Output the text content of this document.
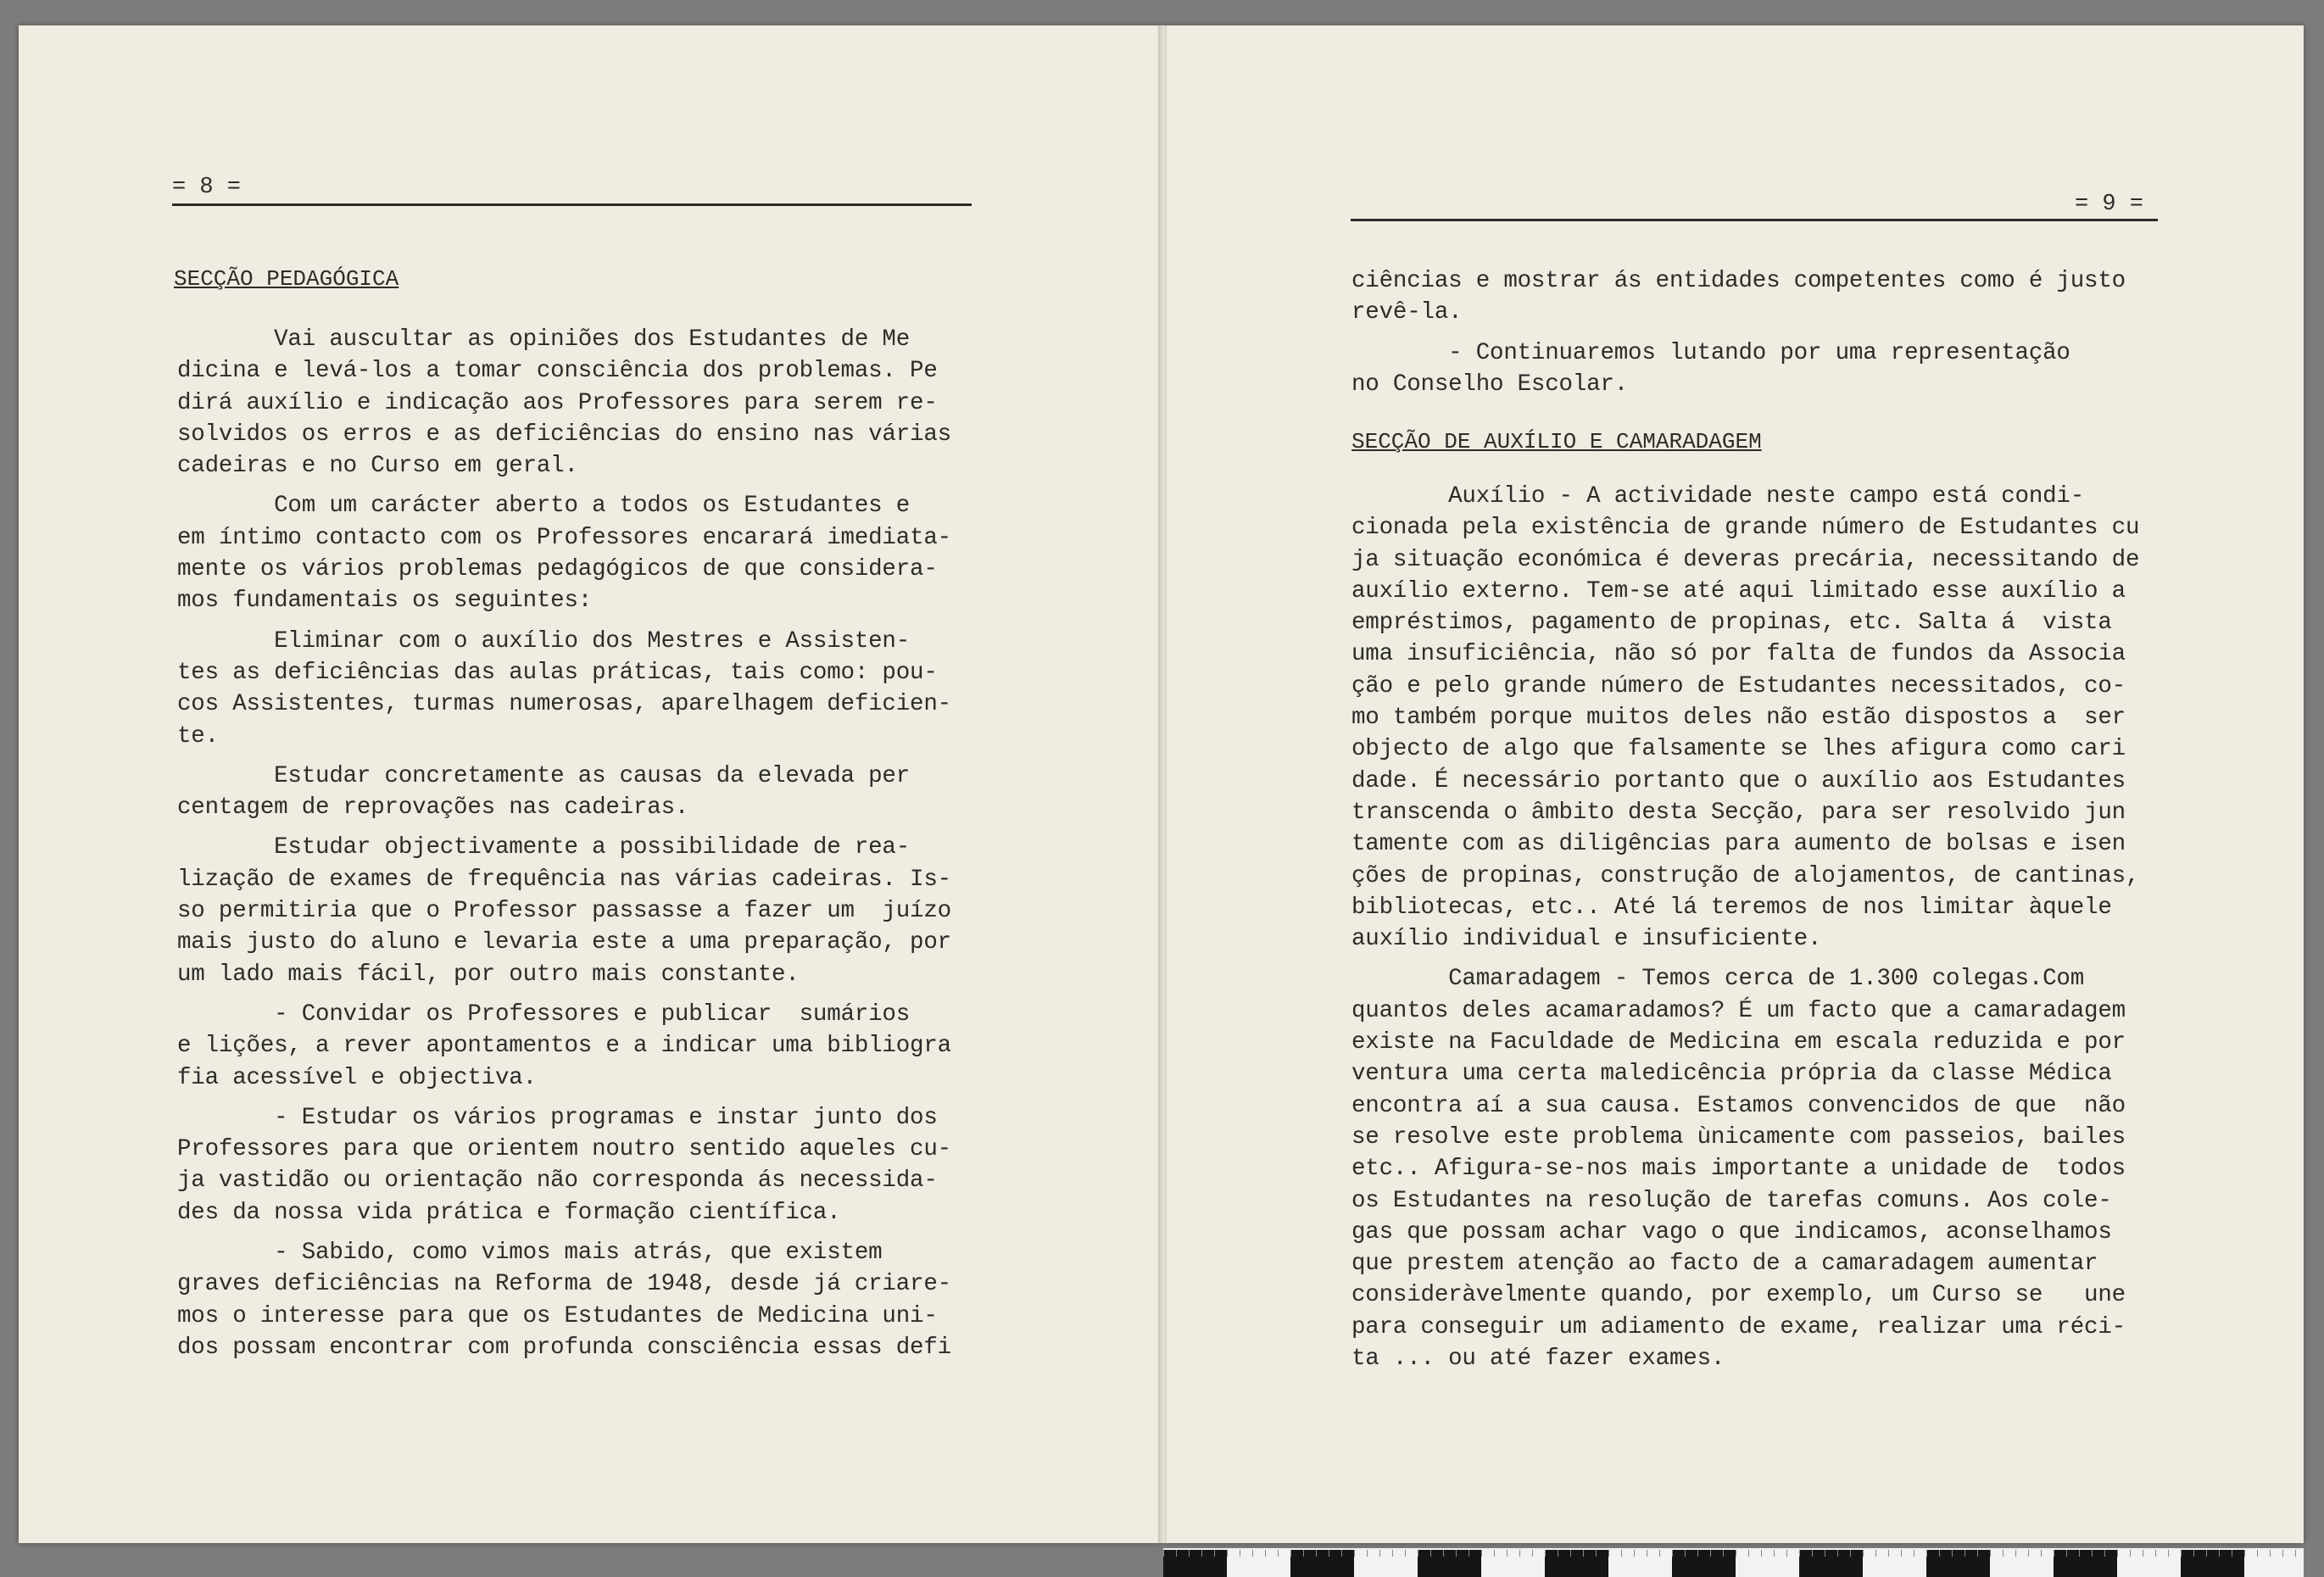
= 8 =
SECÇÃO PEDAGÓGICA
Vai auscultar as opiniões dos Estudantes de Me
dicina e levá-los a tomar consciência dos problemas. Pe
dirá auxílio e indicação aos Professores para serem re-
solvidos os erros e as deficiências do ensino nas várias
cadeiras e no Curso em geral.
Com um carácter aberto a todos os Estudantes e
em íntimo contacto com os Professores encarará imediata-
mente os vários problemas pedagógicos de que considera-
mos fundamentais os seguintes:
Eliminar com o auxílio dos Mestres e Assisten-
tes as deficiências das aulas práticas, tais como: pou-
cos Assistentes, turmas numerosas, aparelhagem deficien-
te.
Estudar concretamente as causas da elevada per
centagem de reprovações nas cadeiras.
Estudar objectivamente a possibilidade de rea-
lização de exames de frequência nas várias cadeiras. Is-
so permitiria que o Professor passasse a fazer um  juízo
mais justo do aluno e levaria este a uma preparação, por
um lado mais fácil, por outro mais constante.
- Convidar os Professores e publicar  sumários
e lições, a rever apontamentos e a indicar uma bibliogra
fia acessível e objectiva.
- Estudar os vários programas e instar junto dos
Professores para que orientem noutro sentido aqueles cu-
ja vastidão ou orientação não corresponda ás necessida-
des da nossa vida prática e formação científica.
- Sabido, como vimos mais atrás, que existem
graves deficiências na Reforma de 1948, desde já criare-
mos o interesse para que os Estudantes de Medicina uni-
dos possam encontrar com profunda consciência essas defi
= 9 =
ciências e mostrar ás entidades competentes como é justo
revê-la.
- Continuaremos lutando por uma representação
no Conselho Escolar.
SECÇÃO DE AUXÍLIO E CAMARADAGEM
Auxílio - A actividade neste campo está condi-
cionada pela existência de grande número de Estudantes cu
ja situação económica é deveras precária, necessitando de
auxílio externo. Tem-se até aqui limitado esse auxílio a
empréstimos, pagamento de propinas, etc. Salta á  vista
uma insuficiência, não só por falta de fundos da Associa
ção e pelo grande número de Estudantes necessitados, co-
mo também porque muitos deles não estão dispostos a  ser
objecto de algo que falsamente se lhes afigura como cari
dade. É necessário portanto que o auxílio aos Estudantes
transcenda o âmbito desta Secção, para ser resolvido jun
tamente com as diligências para aumento de bolsas e isen
ções de propinas, construção de alojamentos, de cantinas,
bibliotecas, etc.. Até lá teremos de nos limitar àquele
auxílio individual e insuficiente.
Camaradagem - Temos cerca de 1.300 colegas.Com
quantos deles acamaradamos? É um facto que a camaradagem
existe na Faculdade de Medicina em escala reduzida e por
ventura uma certa maledicência própria da classe Médica
encontra aí a sua causa. Estamos convencidos de que  não
se resolve este problema ùnicamente com passeios, bailes
etc.. Afigura-se-nos mais importante a unidade de  todos
os Estudantes na resolução de tarefas comuns. Aos cole-
gas que possam achar vago o que indicamos, aconselhamos
que prestem atenção ao facto de a camaradagem aumentar
consideràvelmente quando, por exemplo, um Curso se   une
para conseguir um adiamento de exame, realizar uma réci-
ta ... ou até fazer exames.
